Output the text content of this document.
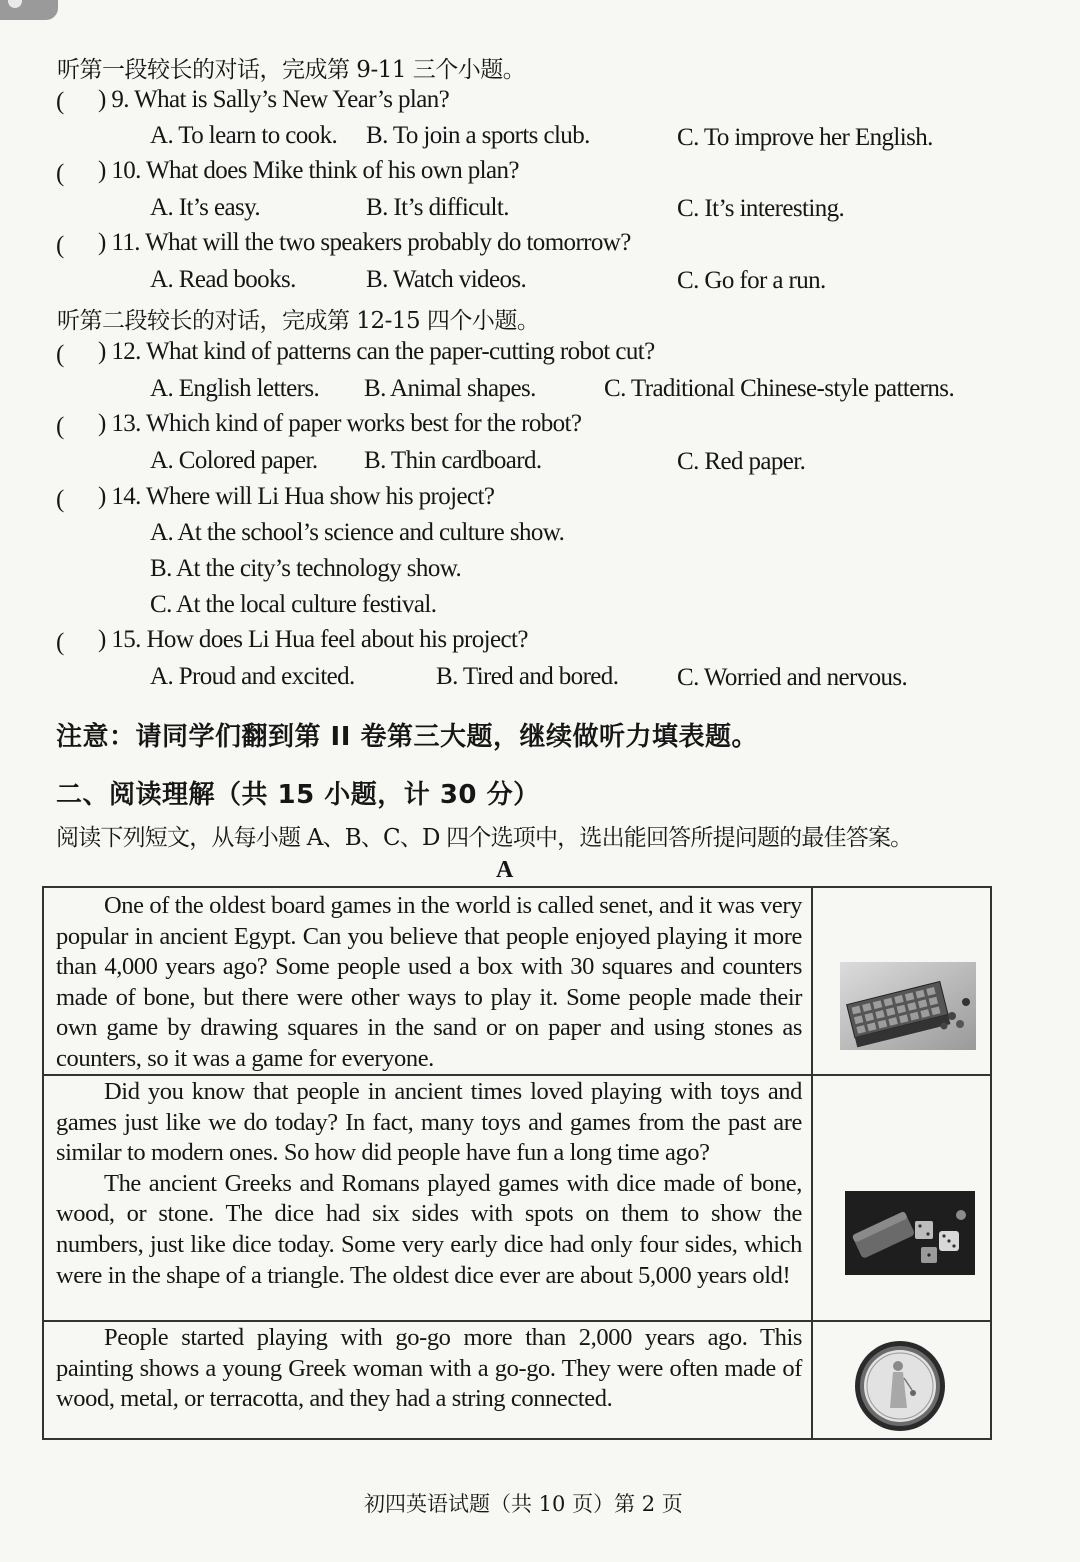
听第一段较长的对话，完成第 9-11 三个小题。
( ) 9. What is Sally’s New Year’s plan?
A. To learn to cook. B. To join a sports club.	C. To improve her English.
( ) 10. What does Mike think of his own plan?
A. It’s easy.	B. It’s difficult.	C. It’s interesting.
( ) 11. What will the two speakers probably do tomorrow?
A. Read books.	B. Watch videos.	C. Go for a run.
听第二段较长的对话，完成第 12-15 四个小题。
( ) 12. What kind of patterns can the paper-cutting robot cut?
A. English letters. B. Animal shapes.	C. Traditional Chinese-style patterns.
( ) 13. Which kind of paper works best for the robot?
A. Colored paper. B. Thin cardboard.	C. Red paper.
( ) 14. Where will Li Hua show his project?
A. At the school’s science and culture show.
B. At the city’s technology show.
C. At the local culture festival.
( ) 15. How does Li Hua feel about his project?
A. Proud and excited.	B. Tired and bored. C. Worried and nervous.
注意：请同学们翻到第 II 卷第三大题，继续做听力填表题。
二、阅读理解（共 15 小题，计 30 分）
阅读下列短文，从每小题 A、B、C、D 四个选项中，选出能回答所提问题的最佳答案。
A

One of the oldest board games in the world is called senet, and it was very popular in ancient Egypt. Can you believe that people enjoyed playing it more than 4,000 years ago? Some people used a box with 30 squares and counters made of bone, but there were other ways to play it. Some people made their own game by drawing squares in the sand or on paper and using stones as counters, so it was a game for everyone.

Did you know that people in ancient times loved playing with toys and games just like we do today? In fact, many toys and games from the past are similar to modern ones. So how did people have fun a long time ago?

The ancient Greeks and Romans played games with dice made of bone, wood, or stone. The dice had six sides with spots on them to show the numbers, just like dice today. Some very early dice had only four sides, which were in the shape of a triangle. The oldest dice ever are about 5,000 years old!

People started playing with go-go more than 2,000 years ago. This painting shows a young Greek woman with a go-go. They were often made of wood, metal, or terracotta, and they had a string connected.

初四英语试题（共 10 页）第 2 页
